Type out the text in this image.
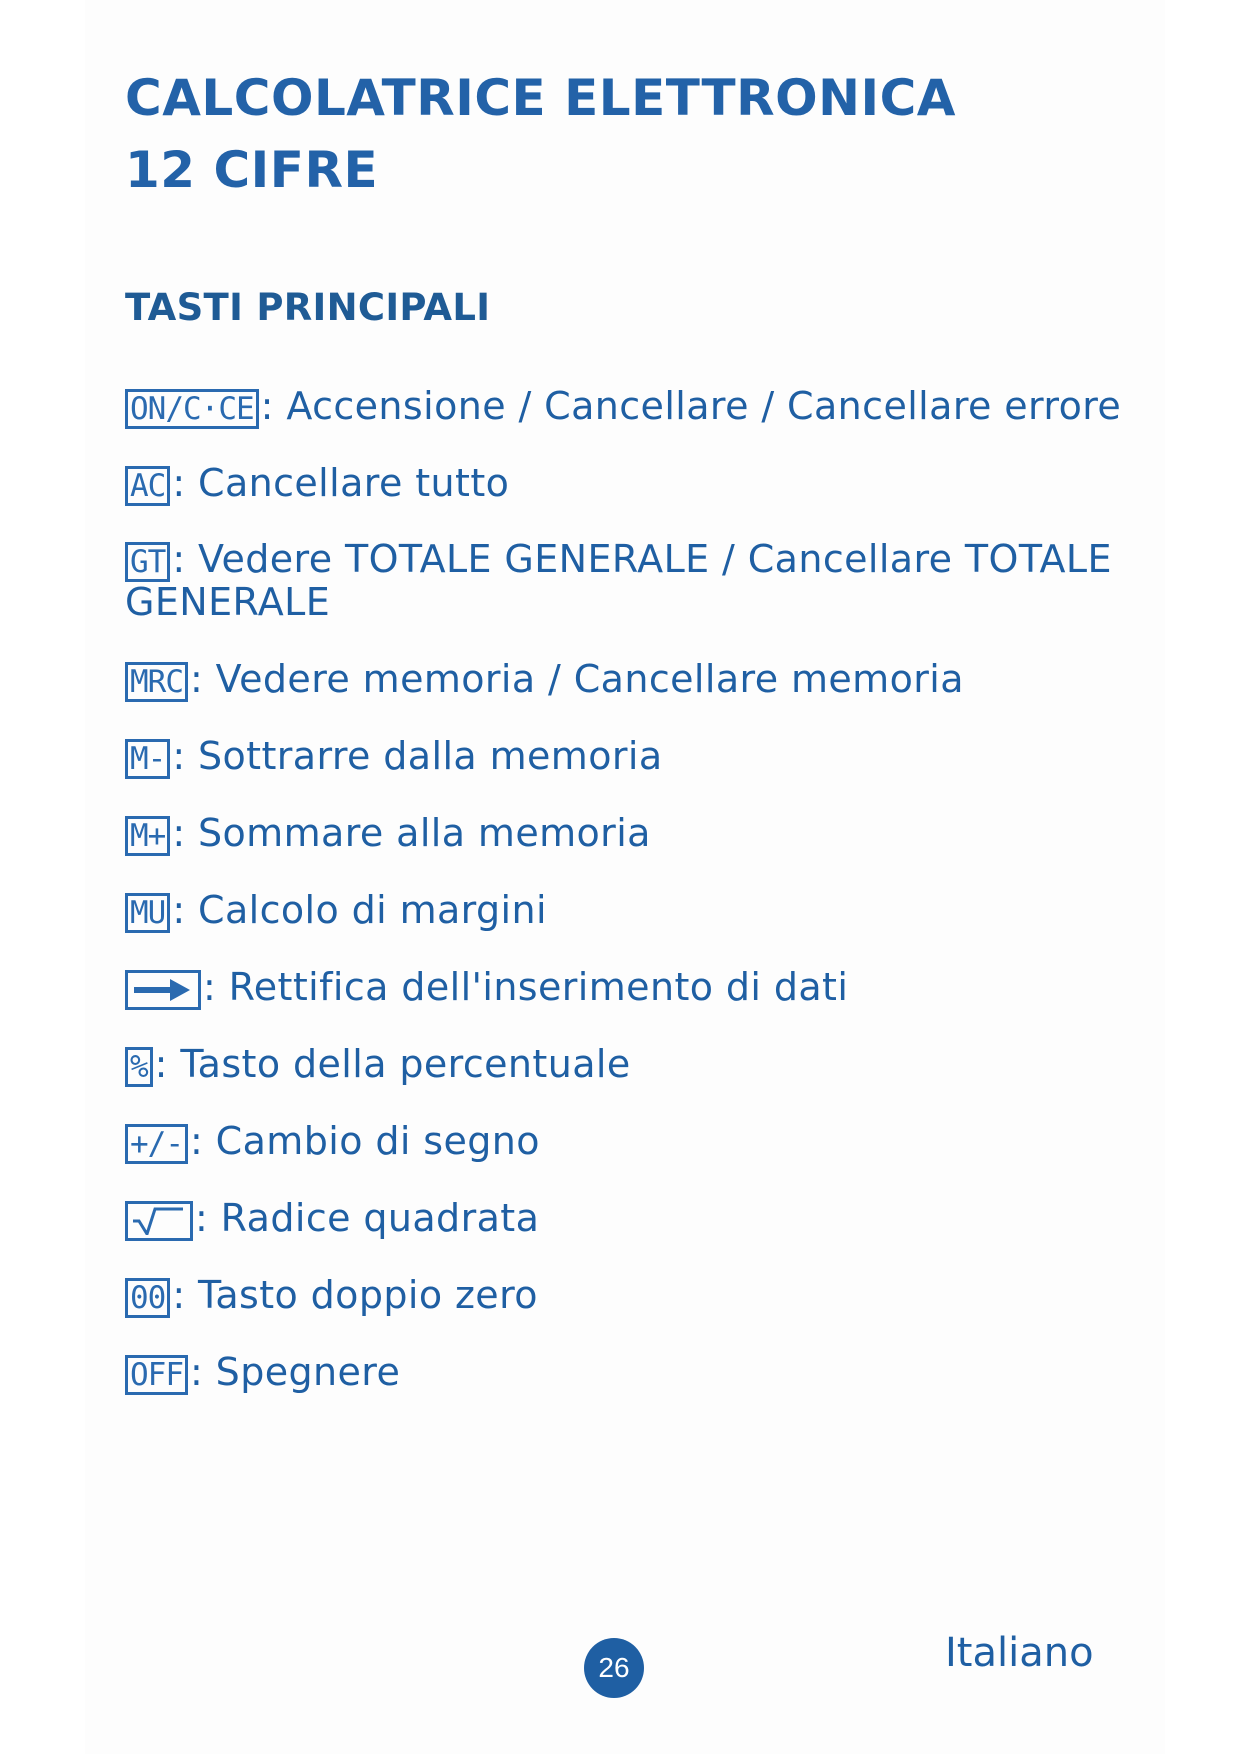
CALCOLATRICE ELETTRONICA
12 CIFRE
TASTI PRINCIPALI
ON/C·CE : Accensione / Cancellare / Cancellare errore
AC : Cancellare tutto
GT : Vedere TOTALE GENERALE / Cancellare TOTALE GENERALE
MRC : Vedere memoria / Cancellare memoria
M- : Sottrarre dalla memoria
M+ : Sommare alla memoria
MU : Calcolo di margini

: Rettifica dell'inserimento di dati
% : Tasto della percentuale
+/- : Cambio di segno

: Radice quadrata
00 : Tasto doppio zero
OFF : Spegnere
26	Italiano
